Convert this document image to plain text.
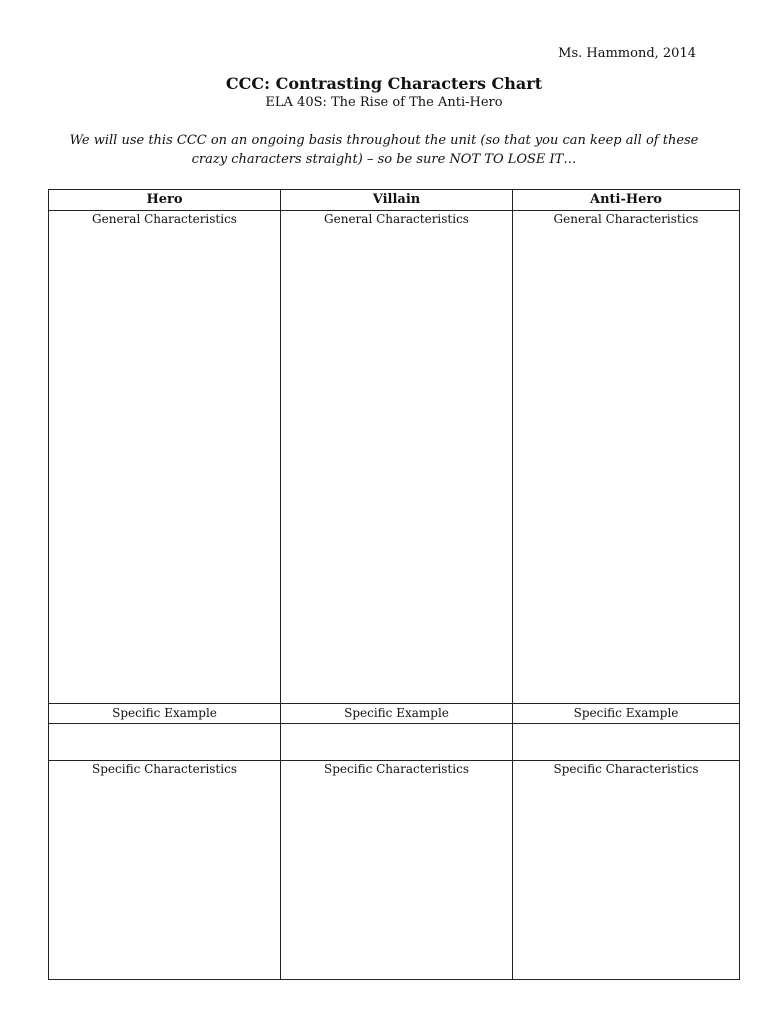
Ms. Hammond, 2014
CCC: Contrasting Characters Chart
ELA 40S: The Rise of The Anti-Hero
We will use this CCC on an ongoing basis throughout the unit (so that you can keep all of these crazy characters straight) – so be sure NOT TO LOSE IT…
Hero	Villain	Anti-Hero

General Characteristics	General Characteristics	General Characteristics

Specific Example	Specific Example	Specific Example

Specific Characteristics	Specific Characteristics	Specific Characteristics
